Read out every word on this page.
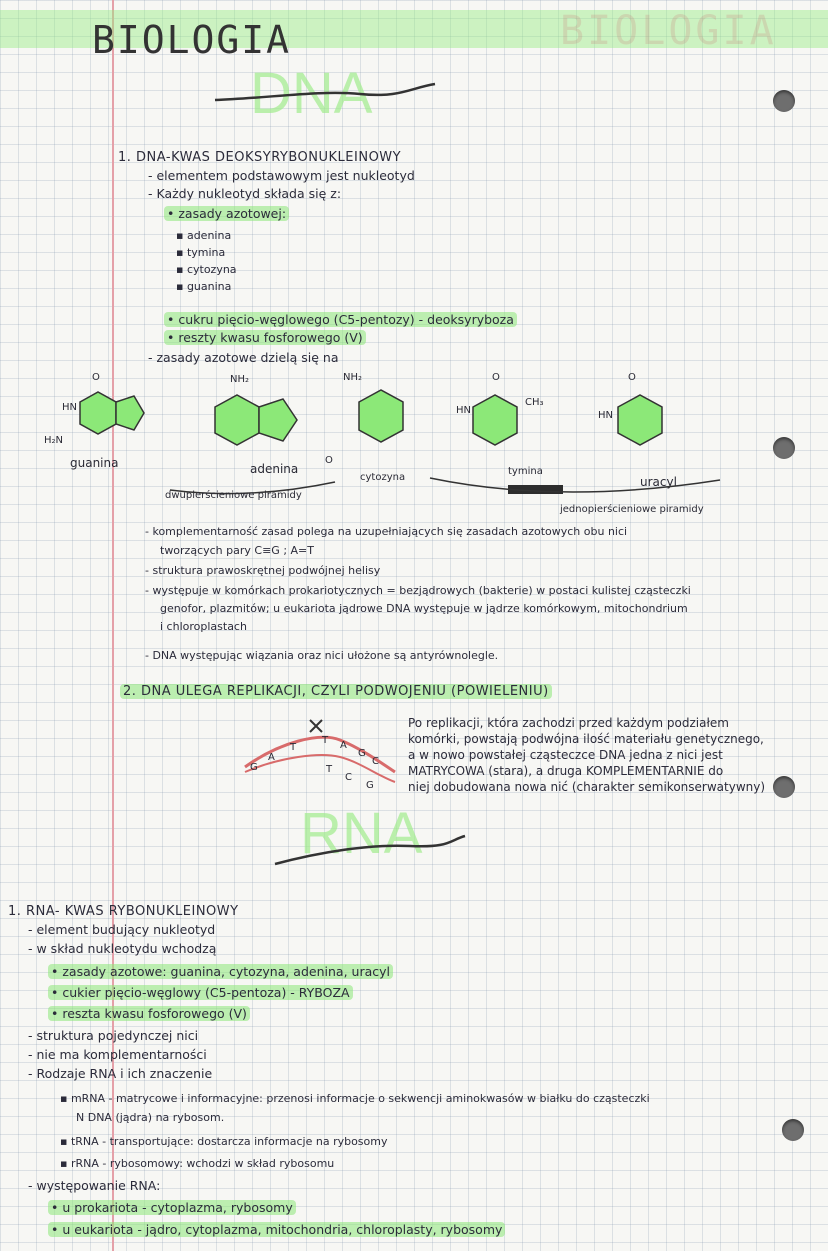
BIOLOGIA
BIOLOGIA
DNA
1. DNA-KWAS DEOKSYRYBONUKLEINOWY
- elementem podstawowym jest nukleotyd
- Każdy nukleotyd składa się z:
• zasady azotowej:
▪ adenina
▪ tymina
▪ cytozyna
▪ guanina
• cukru pięcio-węglowego (C5-pentozy) - deoksyryboza
• reszty kwasu fosforowego (V)
- zasady azotowe dzielą się na
HN
H₂N
O
guanina
NH₂
adenina
NH₂
O
cytozyna
O
CH₃
HN
tymina
O
HN
uracyl
dwupierścieniowe piramidy
jednopierścieniowe piramidy
- komplementarność zasad polega na uzupełniających się zasadach azotowych obu nici
tworzących pary C≡G ; A=T
- struktura prawoskrętnej podwójnej helisy
- występuje w komórkach prokariotycznych = bezjądrowych (bakterie) w postaci kulistej cząsteczki
genofor, plazmitów; u eukariota jądrowe DNA występuje w jądrze komórkowym, mitochondrium
i chloroplastach
- DNA występując wiązania oraz nici ułożone są antyrównolegle.
2. DNA ULEGA REPLIKACJI, CZYLI PODWOJENIU (POWIELENIU)
G
A
T
T A
G
C
T
C
G
Po replikacji, która zachodzi przed każdym podziałem
komórki, powstają podwójna ilość materiału genetycznego,
a w nowo powstałej cząsteczce DNA jedna z nici jest
MATRYCOWA (stara), a druga KOMPLEMENTARNIE do
niej dobudowana nowa nić (charakter semikonserwatywny)
RNA
1. RNA- KWAS RYBONUKLEINOWY
- element budujący nukleotyd
- w skład nukleotydu wchodzą
• zasady azotowe: guanina, cytozyna, adenina, uracyl
• cukier pięcio-węglowy (C5-pentoza) - RYBOZA
• reszta kwasu fosforowego (V)
- struktura pojedynczej nici
- nie ma komplementarności
- Rodzaje RNA i ich znaczenie
▪ mRNA - matrycowe i informacyjne: przenosi informacje o sekwencji aminokwasów w białku do cząsteczki
N DNA (jądra) na rybosom.
▪ tRNA - transportujące: dostarcza informacje na rybosomy
▪ rRNA - rybosomowy: wchodzi w skład rybosomu
- występowanie RNA:
• u prokariota - cytoplazma, rybosomy
• u eukariota - jądro, cytoplazma, mitochondria, chloroplasty, rybosomy
